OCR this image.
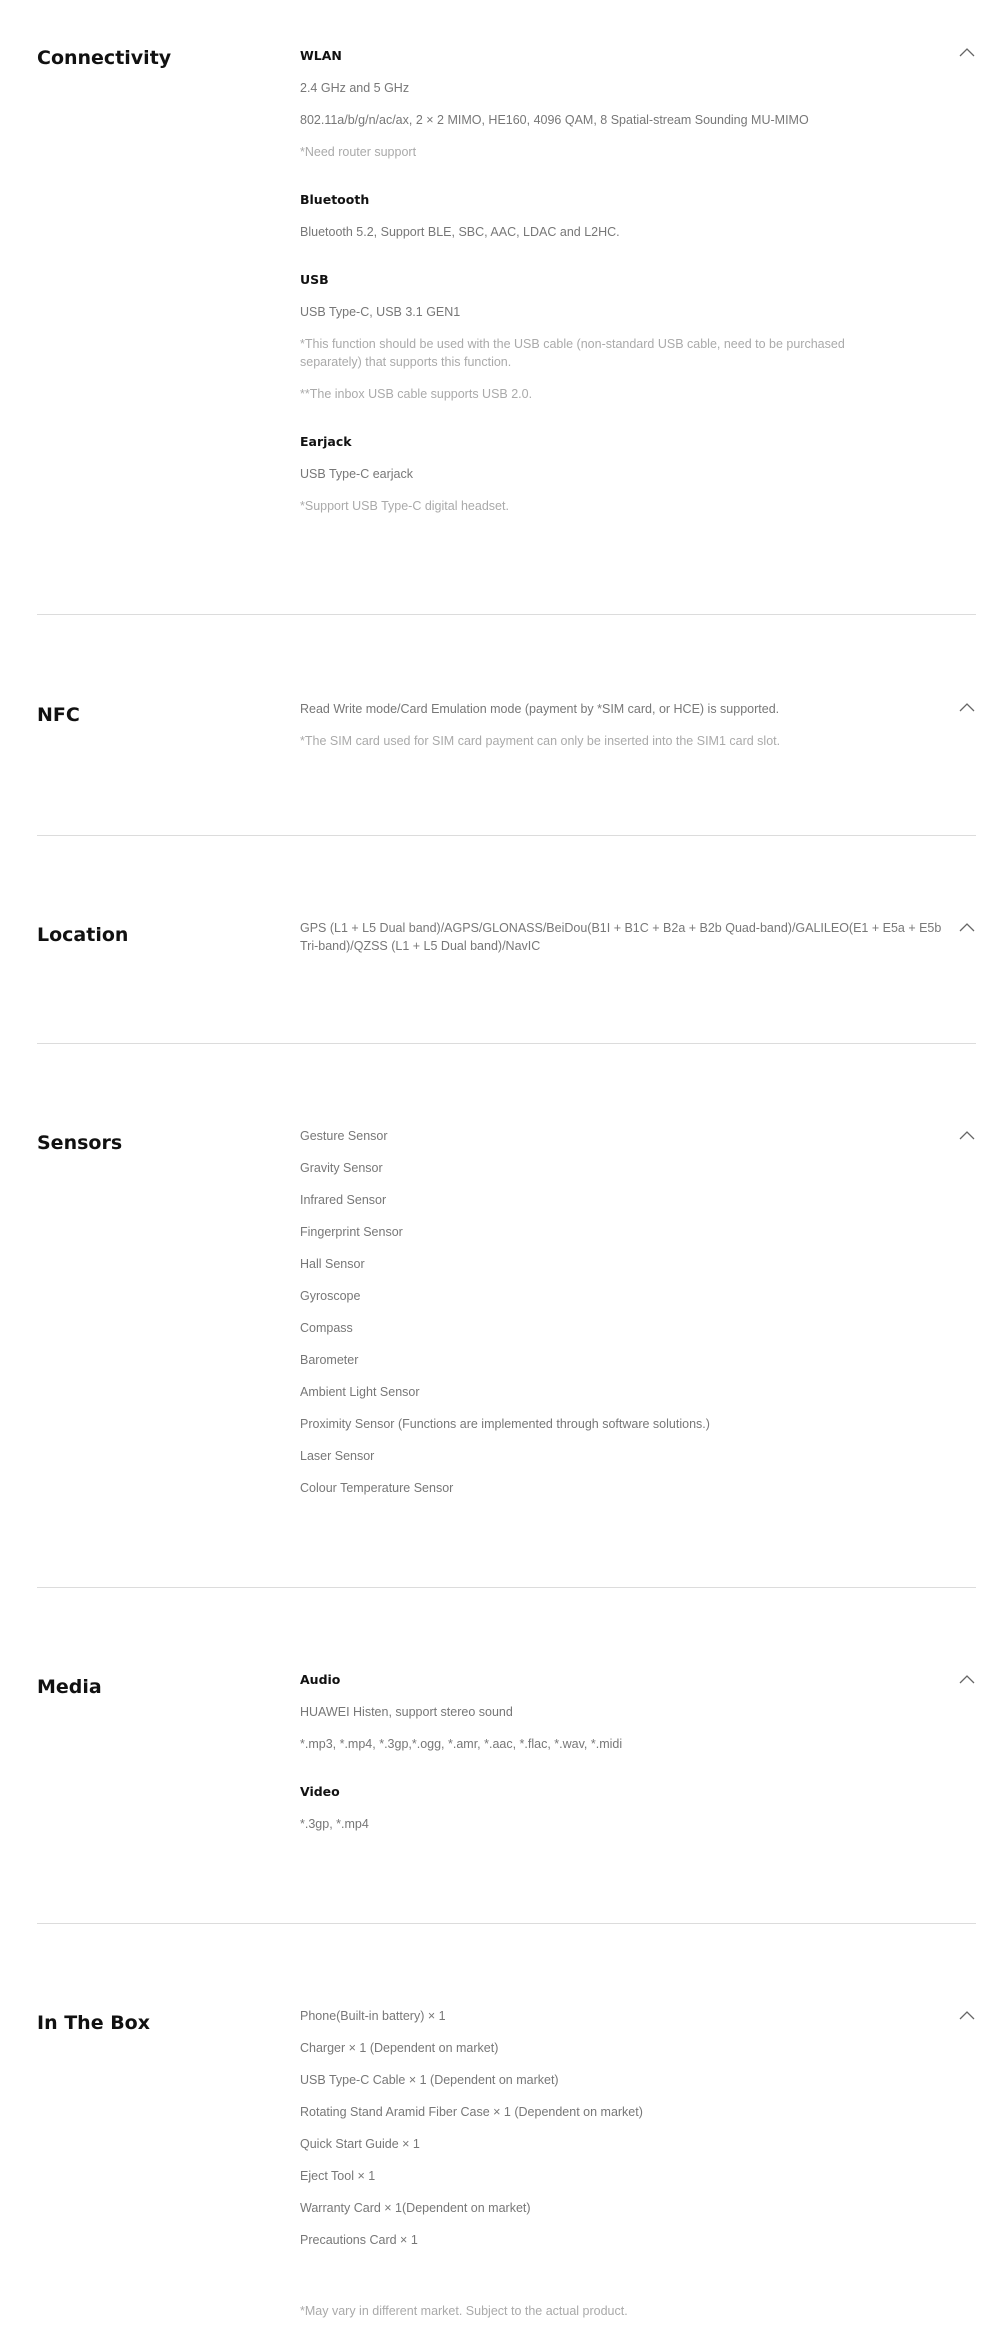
Connectivity	WLAN

2.4 GHz and 5 GHz

802.11a/b/g/n/ac/ax, 2 × 2 MIMO, HE160, 4096 QAM, 8 Spatial-stream Sounding MU-MIMO

*Need router support

Bluetooth

Bluetooth 5.2, Support BLE, SBC, AAC, LDAC and L2HC.

USB

USB Type-C, USB 3.1 GEN1

*This function should be used with the USB cable (non-standard USB cable, need to be purchased

separately) that supports this function.

**The inbox USB cable supports USB 2.0.

Earjack

USB Type-C earjack

*Support USB Type-C digital headset.

NFC	Read Write mode/Card Emulation mode (payment by *SIM card, or HCE) is supported.

*The SIM card used for SIM card payment can only be inserted into the SIM1 card slot.

Location	GPS (L1 + L5 Dual band)/AGPS/GLONASS/BeiDou(B1I + B1C + B2a + B2b Quad-band)/GALILEO(E1 + E5a + E5b

Tri-band)/QZSS (L1 + L5 Dual band)/NavIC

Sensors	Gesture Sensor

Gravity Sensor

Infrared Sensor

Fingerprint Sensor

Hall Sensor

Gyroscope

Compass

Barometer

Ambient Light Sensor

Proximity Sensor (Functions are implemented through software solutions.)

Laser Sensor

Colour Temperature Sensor

Media	Audio

HUAWEI Histen, support stereo sound

*.mp3, *.mp4, *.3gp,*.ogg, *.amr, *.aac, *.flac, *.wav, *.midi

Video

*.3gp, *.mp4

In The Box	Phone(Built-in battery) × 1

Charger × 1 (Dependent on market)

USB Type-C Cable × 1 (Dependent on market)

Rotating Stand Aramid Fiber Case × 1 (Dependent on market)

Quick Start Guide × 1

Eject Tool × 1

Warranty Card × 1(Dependent on market)

Precautions Card × 1

*May vary in different market. Subject to the actual product.
